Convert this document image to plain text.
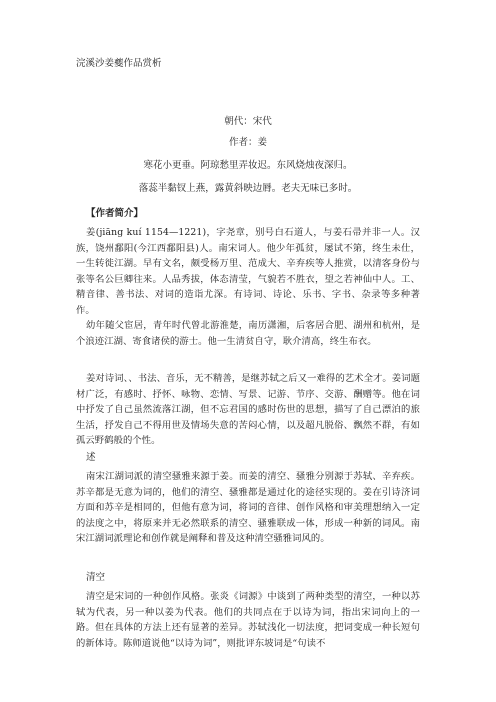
浣溪沙姜夔作品赏析
朝代：宋代
作者：姜
寒花小更垂。阿琼愁里弄妆迟。东风烧烛夜深归。
落蕊半黏钗上燕，露黄斜映边脣。老夫无味已多时。
【作者简介】
姜(jiāng kuí 1154—1221)，字尧章，别号白石道人，与姜石帚并非一人。汉族，饶州鄱阳(今江西鄱阳县)人。南宋词人。他少年孤贫，屡试不第，终生未仕，一生转徙江湖。早有文名，颇受杨万里、范成大、辛弃疾等人推赏，以清客身份与张等名公巨卿往来。人品秀拔，体态清莹，气貌若不胜衣，望之若神仙中人。工、精音律、善书法、对词的造诣尤深。有诗词、诗论、乐书、字书、杂录等多种著作。
幼年随父宦居，青年时代曾北游淮楚，南历潇湘，后客居合肥、湖州和杭州，是个浪迹江湖、寄食诸侯的游士。他一生清贫自守，耿介清高，终生布衣。
姜对诗词、、书法、音乐，无不精善，是继苏轼之后又一难得的艺术全才。姜词题材广泛，有感时、抒怀、咏物、恋情、写景、记游、节序、交游、酬赠等。他在词中抒发了自己虽然流落江湖，但不忘君国的感时伤世的思想，描写了自己漂泊的旅生活，抒发自己不得用世及情场失意的苦闷心情，以及超凡脱俗、飘然不群，有如孤云野鹤般的个性。
述
南宋江湖词派的清空骚雅来源于姜。而姜的清空、骚雅分别源于苏轼、辛弃疾。苏辛都是无意为词的，他们的清空、骚雅都是通过化的途径实现的。姜在引诗济词方面和苏辛是相同的，但他有意为词，将词的音律、创作风格和审美理想纳入一定的法度之中，将原来并无必然联系的清空、骚雅联成一体，形成一种新的词风。南宋江湖词派理论和创作就是阐释和普及这种清空骚雅词风的。
清空
清空是宋词的一种创作风格。张炎《词源》中谈到了两种类型的清空，一种以苏轼为代表，另一种以姜为代表。他们的共同点在于以诗为词，指出宋词向上的一路。但在具体的方法上还有显著的差异。苏轼浅化一切法度，把词变成一种长短句的新体诗。陈师道说他“以诗为词”，则批评东坡词是“句读不
